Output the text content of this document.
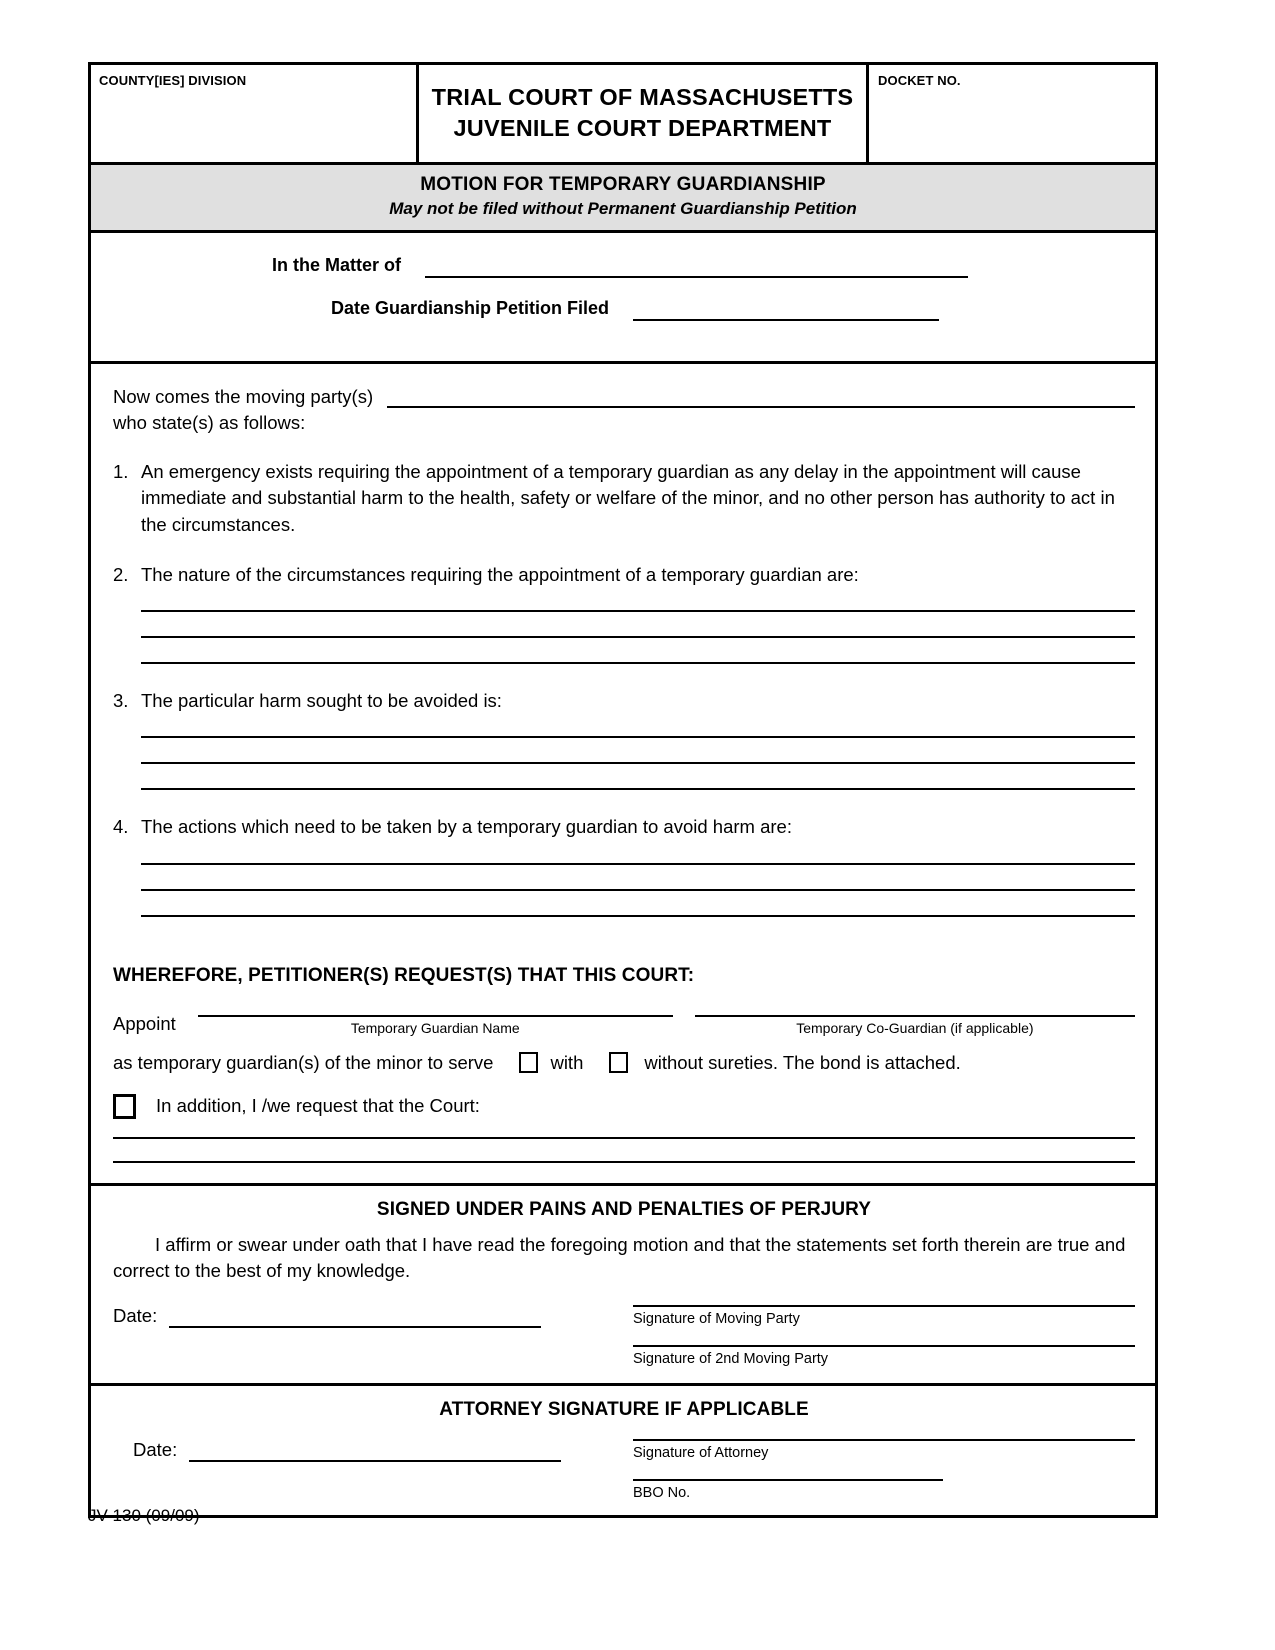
COUNTY[IES] DIVISION
TRIAL COURT OF MASSACHUSETTS
JUVENILE COURT DEPARTMENT
DOCKET NO.
MOTION FOR TEMPORARY GUARDIANSHIP
May not be filed without Permanent Guardianship Petition
In the Matter of
Date Guardianship Petition Filed
Now comes the moving party(s)
who state(s) as follows:
1. An emergency exists requiring the appointment of a temporary guardian as any delay in the appointment will cause immediate and substantial harm to the health, safety or welfare of the minor, and no other person has authority to act in the circumstances.
2. The nature of the circumstances requiring the appointment of a temporary guardian are:
3. The particular harm sought to be avoided is:
4. The actions which need to be taken by a temporary guardian to avoid harm are:
WHEREFORE, PETITIONER(S) REQUEST(S) THAT THIS COURT:
Appoint	Temporary Guardian Name	Temporary Co-Guardian (if applicable)
as temporary guardian(s) of the minor to serve	with	without sureties. The bond is attached.
In addition, I /we request that the Court:
SIGNED UNDER PAINS AND PENALTIES OF PERJURY
I affirm or swear under oath that I have read the foregoing motion and that the statements set forth therein are true and correct to the best of my knowledge.
Date:	Signature of Moving Party
Signature of 2nd Moving Party
ATTORNEY SIGNATURE IF APPLICABLE
Date:	Signature of Attorney
BBO No.
JV-130 (09/09)
